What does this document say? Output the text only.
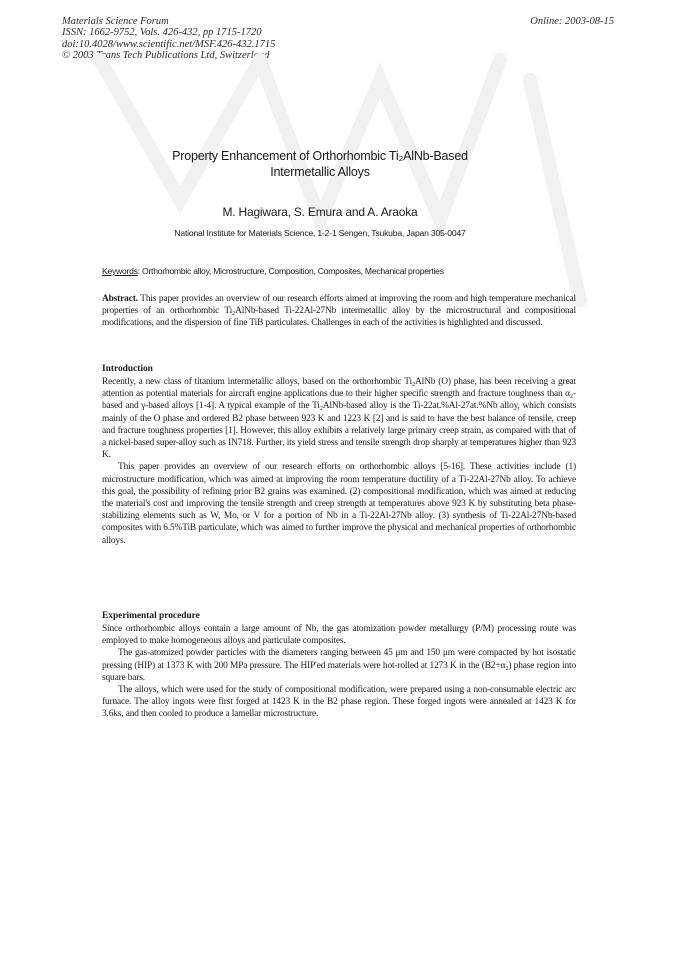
Materials Science Forum
ISSN: 1662-9752, Vols. 426-432, pp 1715-1720
doi:10.4028/www.scientific.net/MSF.426-432.1715
© 2003 Trans Tech Publications Ltd, Switzerland
Online: 2003-08-15
Property Enhancement of Orthorhombic Ti₂AlNb-Based
Intermetallic Alloys
M. Hagiwara, S. Emura and A. Araoka
National Institute for Materials Science, 1-2-1 Sengen, Tsukuba, Japan 305-0047
Keywords: Orthorhombic alloy, Microstructure, Composition, Composites, Mechanical properties

Abstract. This paper provides an overview of our research efforts aimed at improving the room and high temperature mechanical properties of an orthorhombic Ti₂AlNb-based Ti-22Al-27Nb intermetallic alloy by the microstructural and compositional modifications, and the dispersion of fine TiB particulates. Challenges in each of the activities is highlighted and discussed.

Introduction

Recently, a new class of titanium intermetallic alloys, based on the orthorhombic Ti₂AlNb (O) phase, has been receiving a great attention as potential materials for aircraft engine applications due to their higher specific strength and fracture toughness than α₂-based and γ-based alloys [1-4]. A typical example of the Ti₂AlNb-based alloy is the Ti-22at.%Al-27at.%Nb alloy, which consists mainly of the O phase and ordered B2 phase between 923 K and 1223 K [2] and is said to have the best balance of tensile, creep and fracture toughness properties [1]. However, this alloy exhibits a relatively large primary creep strain, as compared with that of a nickel-based super-alloy such as IN718. Further, its yield stress and tensile strength drop sharply at temperatures higher than 923 K.

This paper provides an overview of our research efforts on orthorhombic alloys [5-16]. These activities include (1) microstructure modification, which was aimed at improving the room temperature ductility of a Ti-22Al-27Nb alloy. To achieve this goal, the possibility of refining prior B2 grains was examined. (2) compositional modification, which was aimed at reducing the material's cost and improving the tensile strength and creep strength at temperatures above 923 K by substituting beta phase-stabilizing elements such as W, Mo, or V for a portion of Nb in a Ti-22Al-27Nb alloy. (3) synthesis of Ti-22Al-27Nb-based composites with 6.5%TiB particulate, which was aimed to further improve the physical and mechanical properties of orthorhombic alloys.

Experimental procedure

Since orthorhombic alloys contain a large amount of Nb, the gas atomization powder metallurgy (P/M) processing route was employed to make homogeneous alloys and particulate composites.

The gas-atomized powder particles with the diameters ranging between 45 μm and 150 μm were compacted by hot isostatic pressing (HIP) at 1373 K with 200 MPa pressure. The HIP'ed materials were hot-rolled at 1273 K in the (B2+α₂) phase region into square bars.

The alloys, which were used for the study of compositional modification, were prepared using a non-consumable electric arc furnace. The alloy ingots were first forged at 1423 K in the B2 phase region. These forged ingots were annealed at 1423 K for 3.6ks, and then cooled to produce a lamellar microstructure.
